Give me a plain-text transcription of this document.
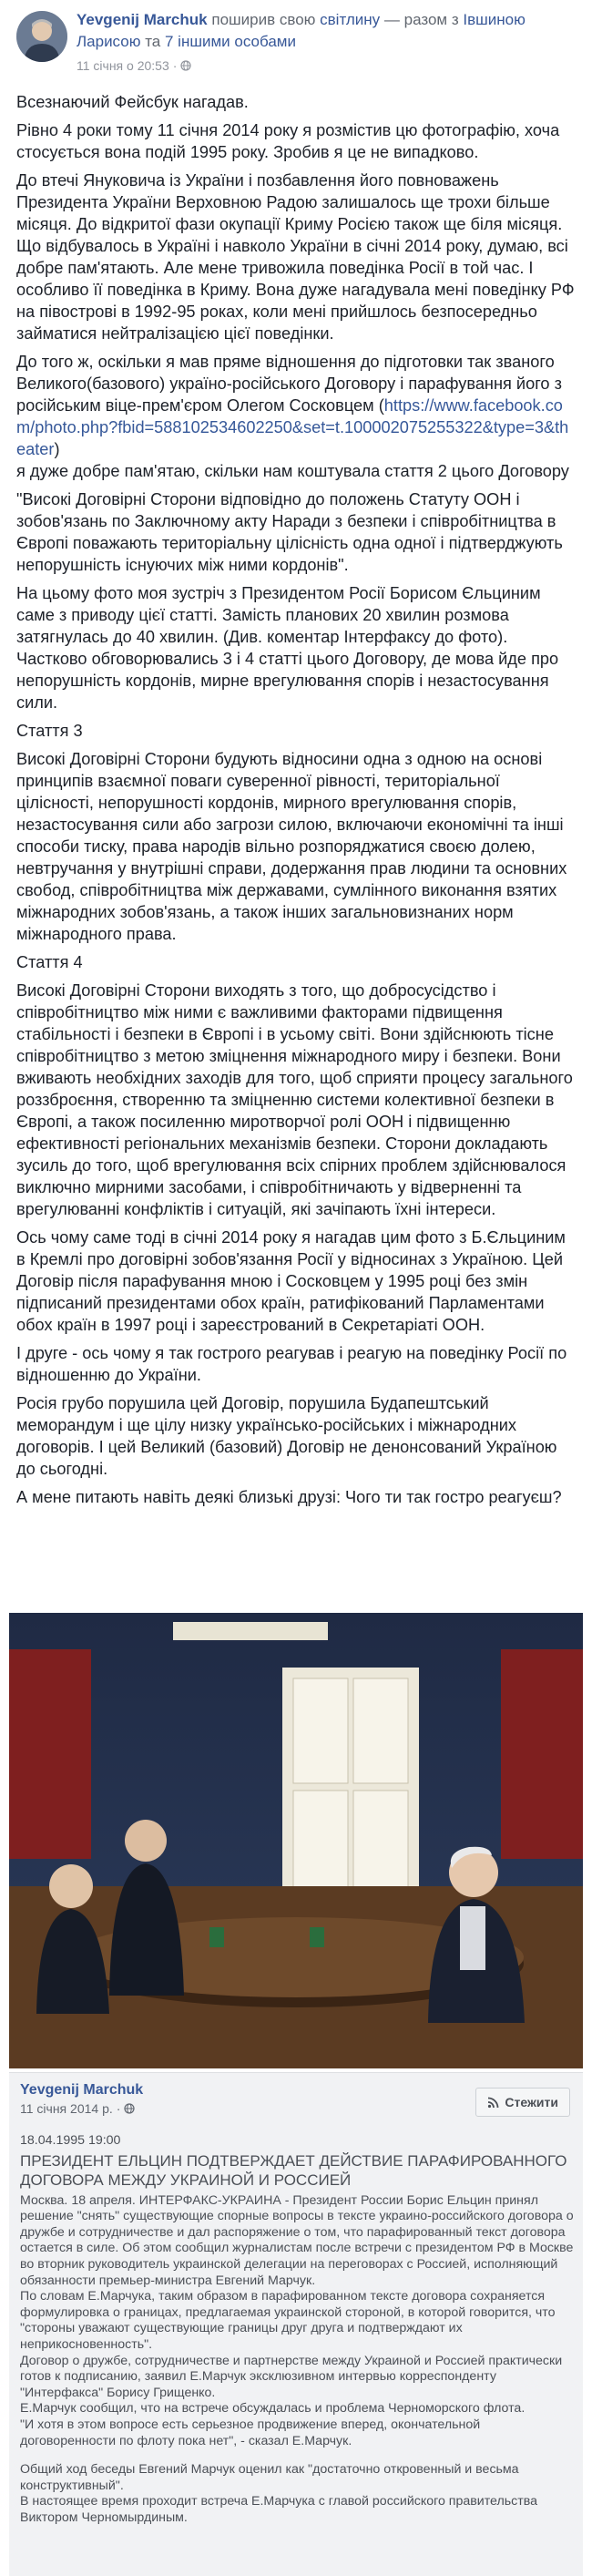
Yevgenij Marchuk поширив свою світлину — разом з Івшиною Ларисою та 7 іншими особами
11 січня о 20:53 ·

Всезнаючий Фейсбук нагадав.

Рівно 4 роки тому 11 січня 2014 року я розмістив цю фотографію, хоча стосується вона подій 1995 року. Зробив я це не випадково.

До втечі Януковича із України і позбавлення його повноважень Президента України Верховною Радою залишалось ще трохи більше місяця. До відкритої фази окупації Криму Росією також ще біля місяця. Що відбувалось в Україні і навколо України в січні 2014 року, думаю, всі добре пам'ятають. Але мене тривожила поведінка Росії в той час. І особливо її поведінка в Криму. Вона дуже нагадувала мені поведінку РФ на півострові в 1992-95 роках, коли мені прийшлось безпосередньо займатися нейтралізацією цієї поведінки.

До того ж, оскільки я мав пряме відношення до підготовки так званого Великого(базового) україно-російського Договору і парафування його з російським віце-прем'єром Олегом Сосковцем (https://www.facebook.com/photo.php?fbid=588102534602250&set=t.100002075255322&type=3&theater)
я дуже добре пам'ятаю, скільки нам коштувала стаття 2 цього Договору

"Високі Договірні Сторони відповідно до положень Статуту ООН і зобов'язань по Заключному акту Наради з безпеки і співробітництва в Європі поважають територіальну цілісність одна одної і підтверджують непорушність існуючих між ними кордонів".

На цьому фото моя зустріч з Президентом Росії Борисом Єльциним саме з приводу цієї статті. Замість планових 20 хвилин розмова затягнулась до 40 хвилин. (Див. коментар Інтерфаксу до фото). Частково обговорювались 3 і 4 статті цього Договору, де мова йде про непорушність кордонів, мирне врегулювання спорів і незастосування сили.

Стаття 3

Високі Договірні Сторони будують відносини одна з одною на основі принципів взаємної поваги суверенної рівності, територіальної цілісності, непорушності кордонів, мирного врегулювання спорів, незастосування сили або загрози силою, включаючи економічні та інші способи тиску, права народів вільно розпоряджатися своєю долею, невтручання у внутрішні справи, додержання прав людини та основних свобод, співробітництва між державами, сумлінного виконання взятих міжнародних зобов'язань, а також інших загальновизнаних норм міжнародного права.

Стаття 4

Високі Договірні Сторони виходять з того, що добросусідство і співробітництво між ними є важливими факторами підвищення стабільності і безпеки в Європі і в усьому світі. Вони здійснюють тісне співробітництво з метою зміцнення міжнародного миру і безпеки. Вони вживають необхідних заходів для того, щоб сприяти процесу загального роззброєння, створенню та зміцненню системи колективної безпеки в Європі, а також посиленню миротворчої ролі ООН і підвищенню ефективності регіональних механізмів безпеки. Сторони докладають зусиль до того, щоб врегулювання всіх спірних проблем здійснювалося виключно мирними засобами, і співробітничають у відверненні та врегулюванні конфліктів і ситуацій, які зачіпають їхні інтереси.

Ось чому саме тоді в січні 2014 року я нагадав цим фото з Б.Єльциним в Кремлі про договірні зобов'язання Росії у відносинах з Україною. Цей Договір після парафування мною і Сосковцем у 1995 році без змін підписаний президентами обох країн, ратифікований Парламентами обох країн в 1997 році і зареєстрований в Секретаріаті ООН.

І друге - ось чому я так гострого реагував і реагую на поведінку Росії по відношенню до України.

Росія грубо порушила цей Договір, порушила Будапештський меморандум і ще цілу низку українсько-російських і міжнародних договорів. І цей Великий (базовий) Договір не денонсований Україною до сьогодні.

А мене питають навіть деякі близькі друзі: Чого ти так гостро реагуєш?

Yevgenij Marchuk
11 січня 2014 р. ·	Стежити

18.04.1995 19:00

ПРЕЗИДЕНТ ЕЛЬЦИН ПОДТВЕРЖДАЕТ ДЕЙСТВИЕ ПАРАФИРОВАННОГО ДОГОВОРА МЕЖДУ УКРАИНОЙ И РОССИЕЙ

Москва. 18 апреля. ИНТЕРФАКС-УКРАИНА - Президент России Борис Ельцин принял решение "снять" существующие спорные вопросы в тексте украино-российского договора о дружбе и сотрудничестве и дал распоряжение о том, что парафированный текст договора остается в силе. Об этом сообщил журналистам после встречи с президентом РФ в Москве во вторник руководитель украинской делегации на переговорах с Россией, исполняющий обязанности премьер-министра Евгений Марчук.

По словам Е.Марчука, таким образом в парафированном тексте договора сохраняется формулировка о границах, предлагаемая украинской стороной, в которой говорится, что "стороны уважают существующие границы друг друга и подтверждают их неприкосновенность".

Договор о дружбе, сотрудничестве и партнерстве между Украиной и Россией практически готов к подписанию, заявил Е.Марчук эксклюзивном интервью корреспонденту "Интерфакса" Борису Грищенко.

Е.Марчук сообщил, что на встрече обсуждалась и проблема Черноморского флота.

"И хотя в этом вопросе есть серьезное продвижение вперед, окончательной договоренности по флоту пока нет", - сказал Е.Марчук.

Общий ход беседы Евгений Марчук оценил как "достаточно откровенный и весьма конструктивный".

В настоящее время проходит встреча Е.Марчука с главой российского правительства Виктором Черномырдиным.
